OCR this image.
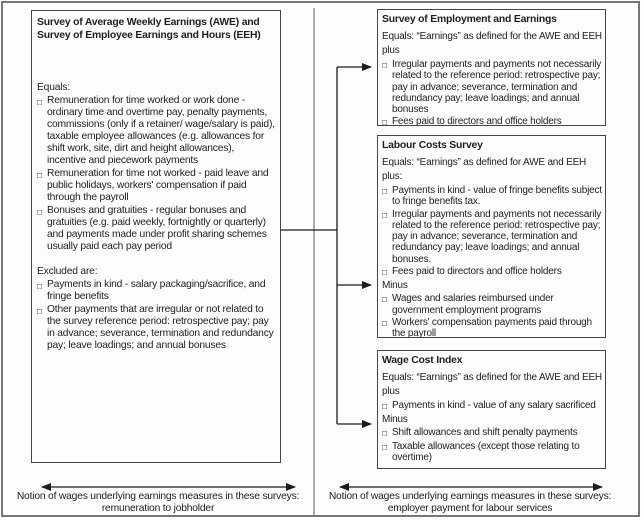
Survey of Average Weekly Earnings (AWE) and Survey of Employee Earnings and Hours (EEH)
Equals:
□ Remuneration for time worked or work done - ordinary time and overtime pay, penalty payments, commissions (only if a retainer/ wage/salary is paid), taxable employee allowances (e.g. allowances for shift work, site, dirt and height allowances), incentive and piecework payments
□ Remuneration for time not worked - paid leave and public holidays, workers' compensation if paid through the payroll
□ Bonuses and gratuities - regular bonuses and gratuities (e.g. paid weekly, fortnightly or quarterly) and payments made under profit sharing schemes usually paid each pay period
Excluded are:
□ Payments in kind - salary packaging/sacrifice, and fringe benefits
□ Other payments that are irregular or not related to the survey reference period: retrospective pay; pay in advance; severance, termination and redundancy pay; leave loadings; and annual bonuses
Survey of Employment and Earnings
Equals: “Earnings” as defined for the AWE and EEH plus
□ Irregular payments and payments not necessarily related to the reference period: retrospective pay; pay in advance; severance, termination and redundancy pay; leave loadings; and annual bonuses
□ Fees paid to directors and office holders
Labour Costs Survey
Equals: “Earnings” as defined for AWE and EEH plus:
□ Payments in kind - value of fringe benefits subject to fringe benefits tax.
□ Irregular payments and payments not necessarily related to the reference period: retrospective pay; pay in advance; severance, termination and redundancy pay; leave loadings; and annual bonuses.
□ Fees paid to directors and office holders
Minus
□ Wages and salaries reimbursed under government employment programs
□ Workers' compensation payments paid through the payroll
Wage Cost Index
Equals: “Earnings” as defined for the AWE and EEH plus
□ Payments in kind - value of any salary sacrificed
Minus
□ Shift allowances and shift penalty payments
□ Taxable allowances (except those relating to overtime)
Notion of wages underlying earnings measures in these surveys:
remuneration to jobholder
Notion of wages underlying earnings measures in these surveys:
employer payment for labour services
